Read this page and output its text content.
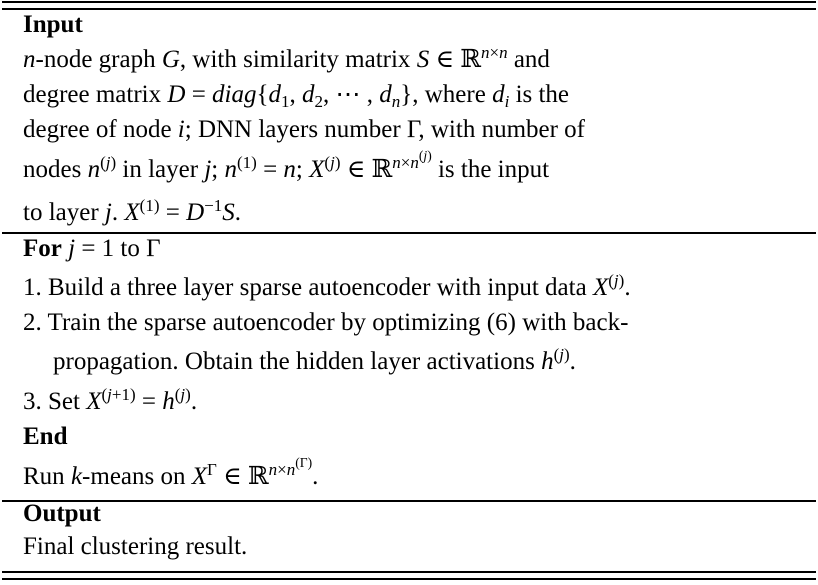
Input
n-node graph G, with similarity matrix S ∈ ℝ$^{n\times n}$ and
degree matrix $D = diag\{d_1$, $d_2$, ⋯ , $d_n$}, where $d_i$ is the
degree of node i; DNN layers number Γ, with number of
nodes $n^{(j)}$ in layer j; $n^{(1)} = n$; $X^{(j)}$ ∈ ℝ$^{n\times n^{(j)}}$ is the input
to layer j. $X^{(1)} = D^{-1}S$.
For j = 1 to Γ
1. Build a three layer sparse autoencoder with input data $X^{(j)}$.
2. Train the sparse autoencoder by optimizing (6) with back-
propagation. Obtain the hidden layer activations $h^{(j)}$.
3. Set $X^{(j+1)} = h^{(j)}$.
End
Run k-means on $X^\Gamma$ ∈ ℝ$^{n\times n^{(\Gamma)}}$.
Output
Final clustering result.
